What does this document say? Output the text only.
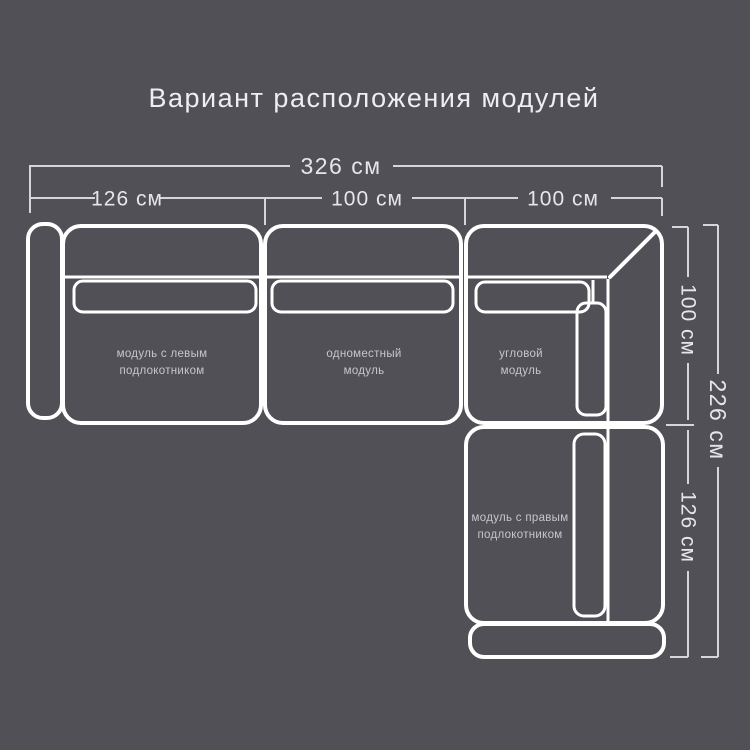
Вариант расположения модулей
326 см
126 см	100 см	100 см
100 см
126 см
226 см
модуль с левым
подлокотником
одноместный
модуль
угловой
модуль
модуль с правым
подлокотником
